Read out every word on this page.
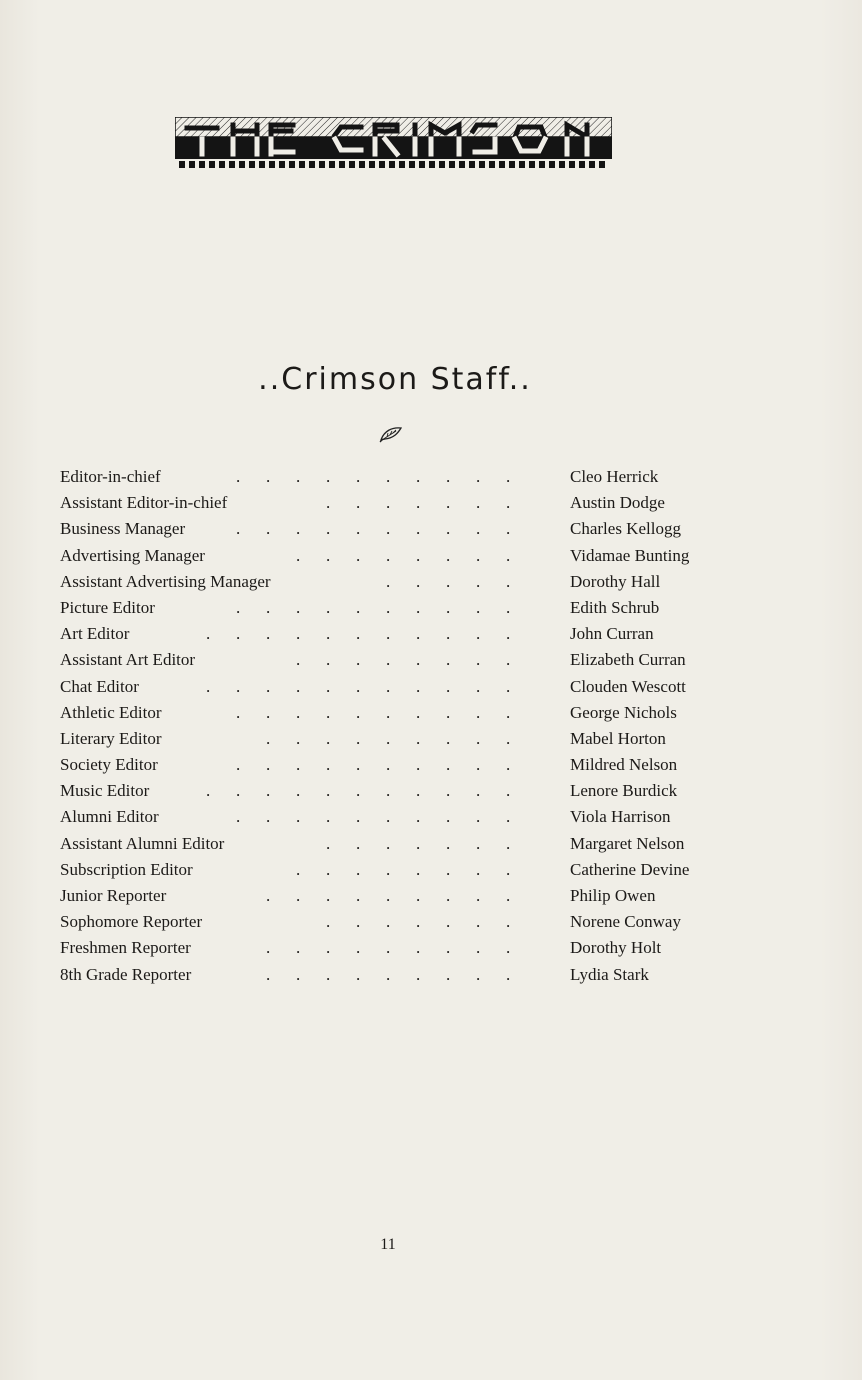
..Crimson Staff..
Editor-in-chief	. . . . . . . . . .	Cleo Herrick
Assistant Editor-in-chief	. . . . . . .	Austin Dodge
Business Manager	. . . . . . . . . .	Charles Kellogg
Advertising Manager	. . . . . . . .	Vidamae Bunting
Assistant Advertising Manager	. . . . .	Dorothy Hall
Picture Editor	. . . . . . . . . .	Edith Schrub
Art Editor	. . . . . . . . . . .	John Curran
Assistant Art Editor	. . . . . . . .	Elizabeth Curran
Chat Editor	. . . . . . . . . . .	Clouden Wescott
Athletic Editor	. . . . . . . . . .	George Nichols
Literary Editor	. . . . . . . . .	Mabel Horton
Society Editor	. . . . . . . . . .	Mildred Nelson
Music Editor	. . . . . . . . . . .	Lenore Burdick
Alumni Editor	. . . . . . . . . .	Viola Harrison
Assistant Alumni Editor	. . . . . . .	Margaret Nelson
Subscription Editor	. . . . . . . .	Catherine Devine
Junior Reporter	. . . . . . . . .	Philip Owen
Sophomore Reporter	. . . . . . .	Norene Conway
Freshmen Reporter	. . . . . . . . .	Dorothy Holt
8th Grade Reporter	. . . . . . . . .	Lydia Stark
11
